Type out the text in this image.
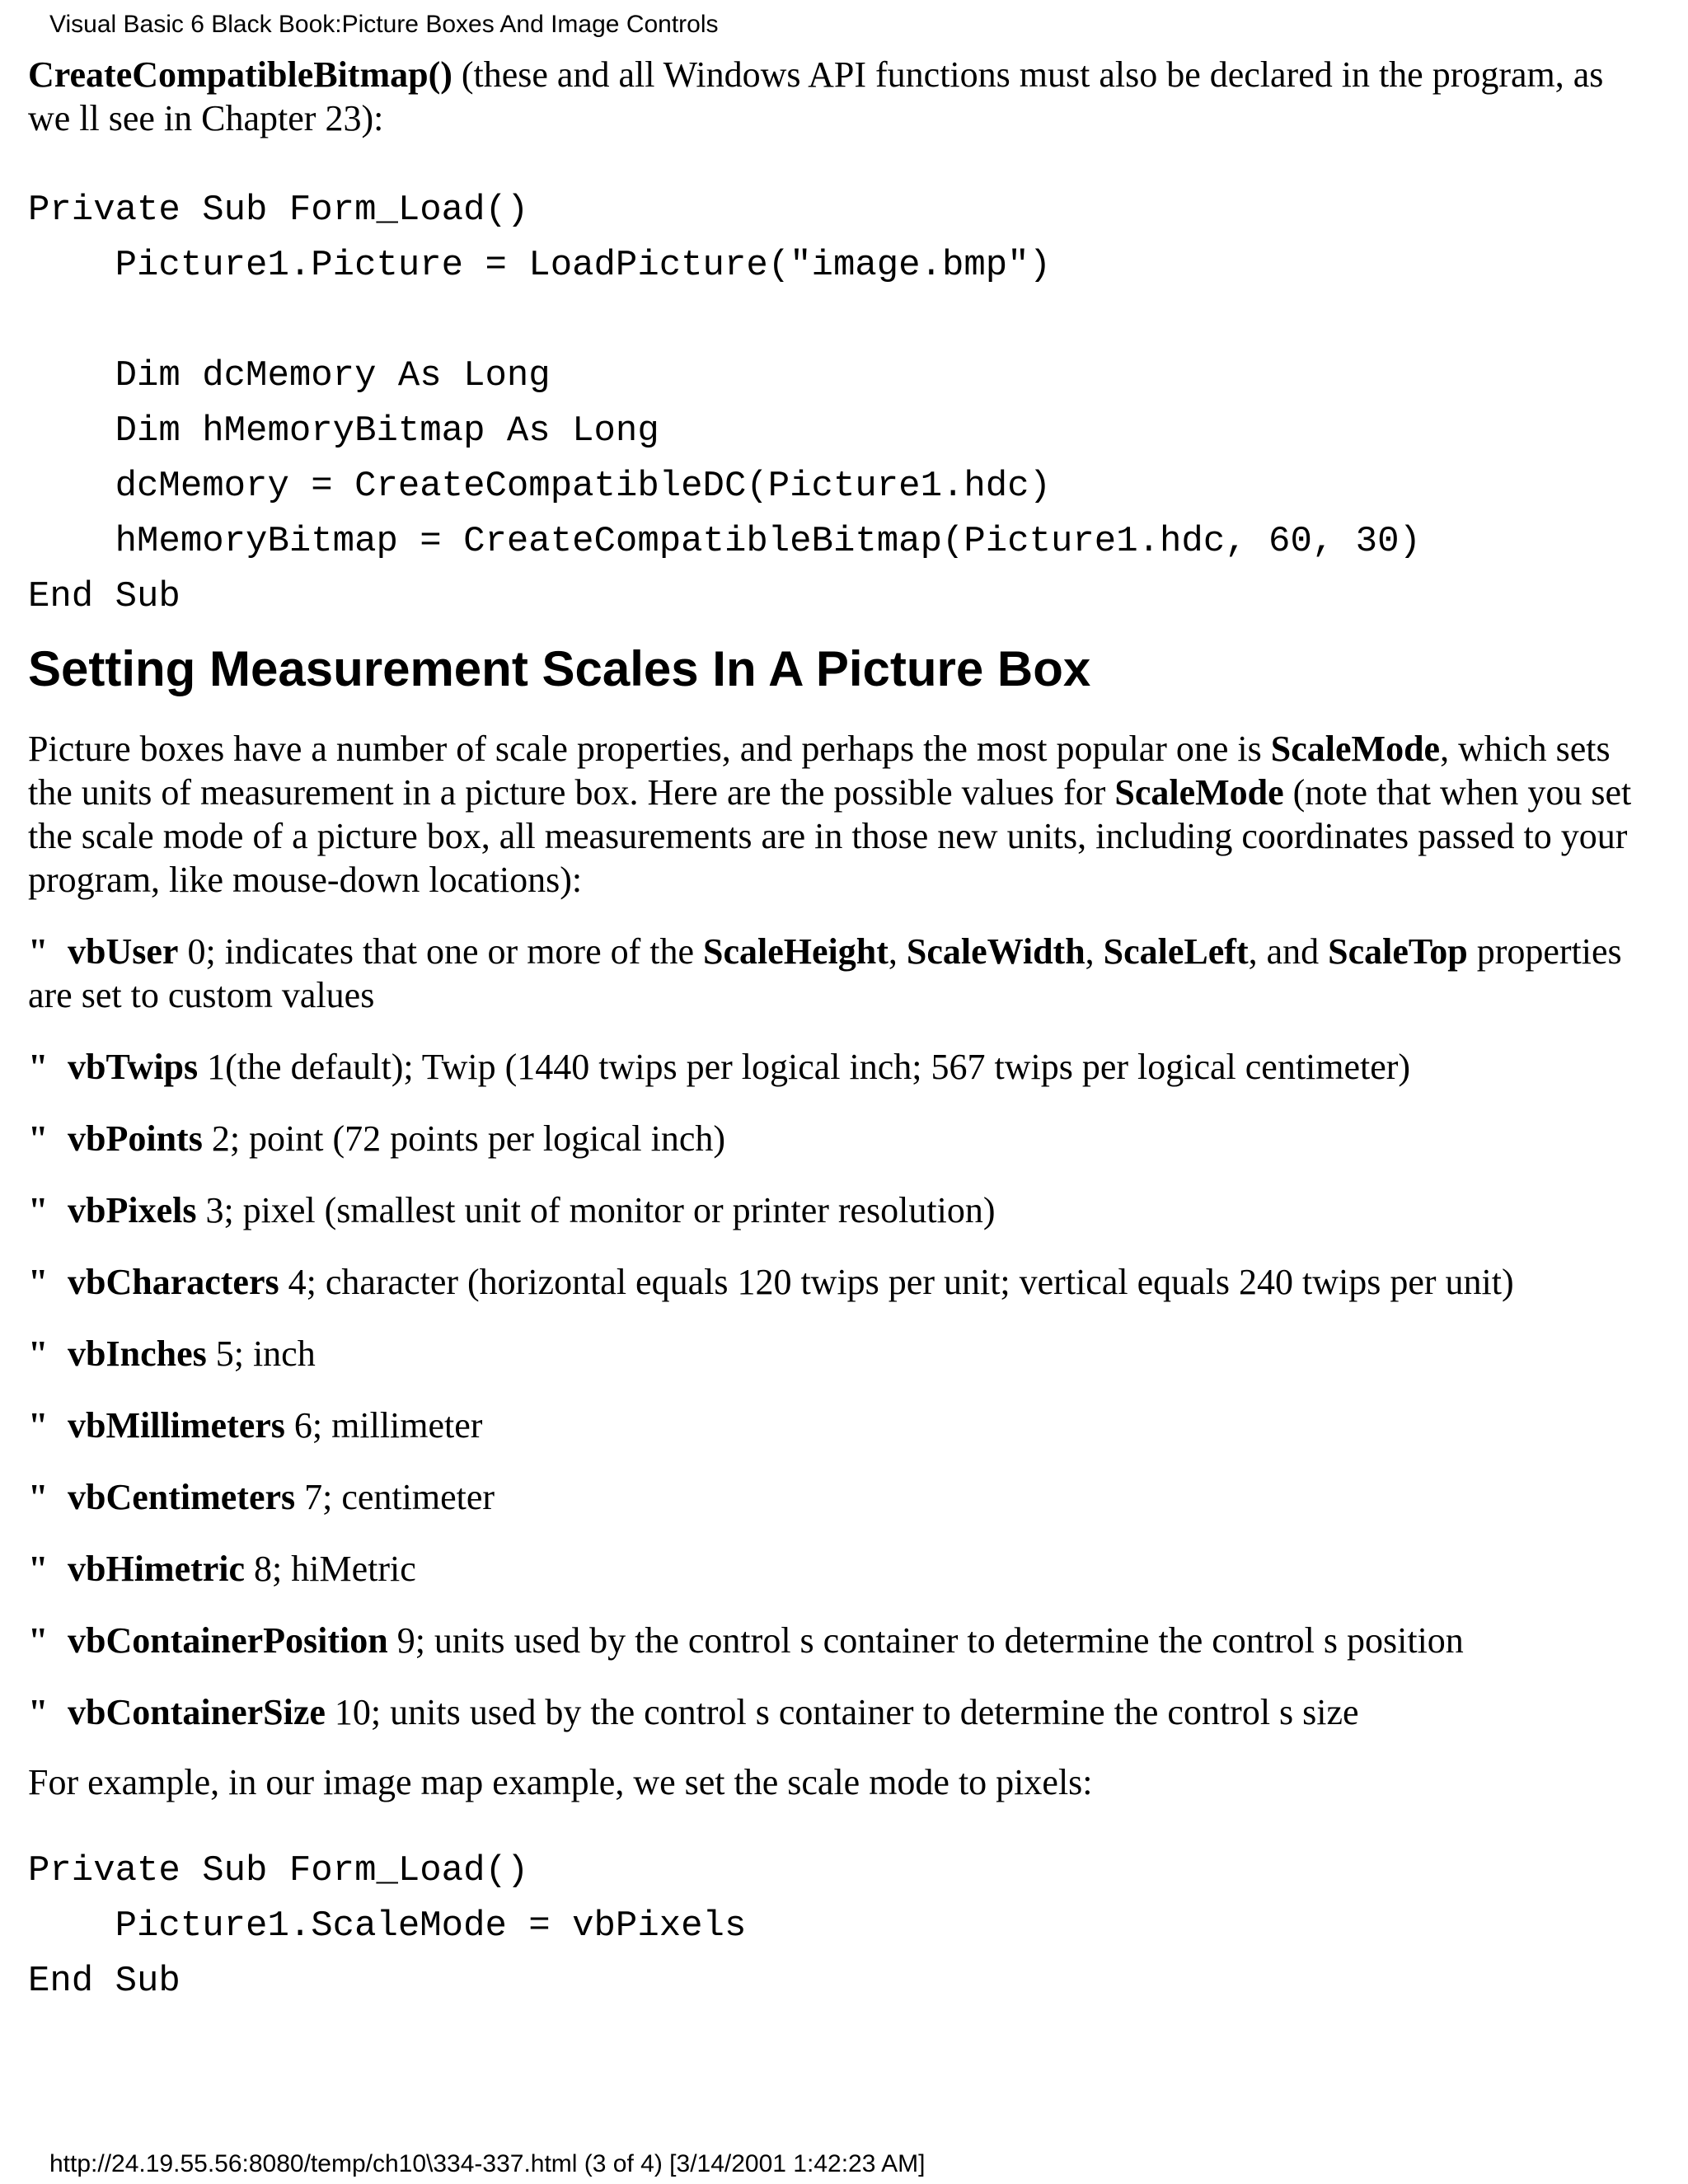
Visual Basic 6 Black Book:Picture Boxes And Image Controls

CreateCompatibleBitmap() (these and all Windows API functions must also be declared in the program, as we ll see in Chapter 23):

Private Sub Form_Load()
Picture1.Picture = LoadPicture("image.bmp")
Dim dcMemory As Long
Dim hMemoryBitmap As Long
dcMemory = CreateCompatibleDC(Picture1.hdc)
hMemoryBitmap = CreateCompatibleBitmap(Picture1.hdc, 60, 30)
End Sub
Setting Measurement Scales In A Picture Box

Picture boxes have a number of scale properties, and perhaps the most popular one is ScaleMode, which sets the units of measurement in a picture box. Here are the possible values for ScaleMode (note that when you set the scale mode of a picture box, all measurements are in those new units, including coordinates passed to your program, like mouse-down locations):

" vbUser 0; indicates that one or more of the ScaleHeight, ScaleWidth, ScaleLeft, and ScaleTop properties are set to custom values
" vbTwips 1(the default); Twip (1440 twips per logical inch; 567 twips per logical centimeter)
" vbPoints 2; point (72 points per logical inch)
" vbPixels 3; pixel (smallest unit of monitor or printer resolution)
" vbCharacters 4; character (horizontal equals 120 twips per unit; vertical equals 240 twips per unit)
" vbInches 5; inch
" vbMillimeters 6; millimeter
" vbCentimeters 7; centimeter
" vbHimetric 8; hiMetric
" vbContainerPosition 9; units used by the control s container to determine the control s position
" vbContainerSize 10; units used by the control s container to determine the control s size

For example, in our image map example, we set the scale mode to pixels:

Private Sub Form_Load()
Picture1.ScaleMode = vbPixels
End Sub
http://24.19.55.56:8080/temp/ch10\334-337.html (3 of 4) [3/14/2001 1:42:23 AM]
